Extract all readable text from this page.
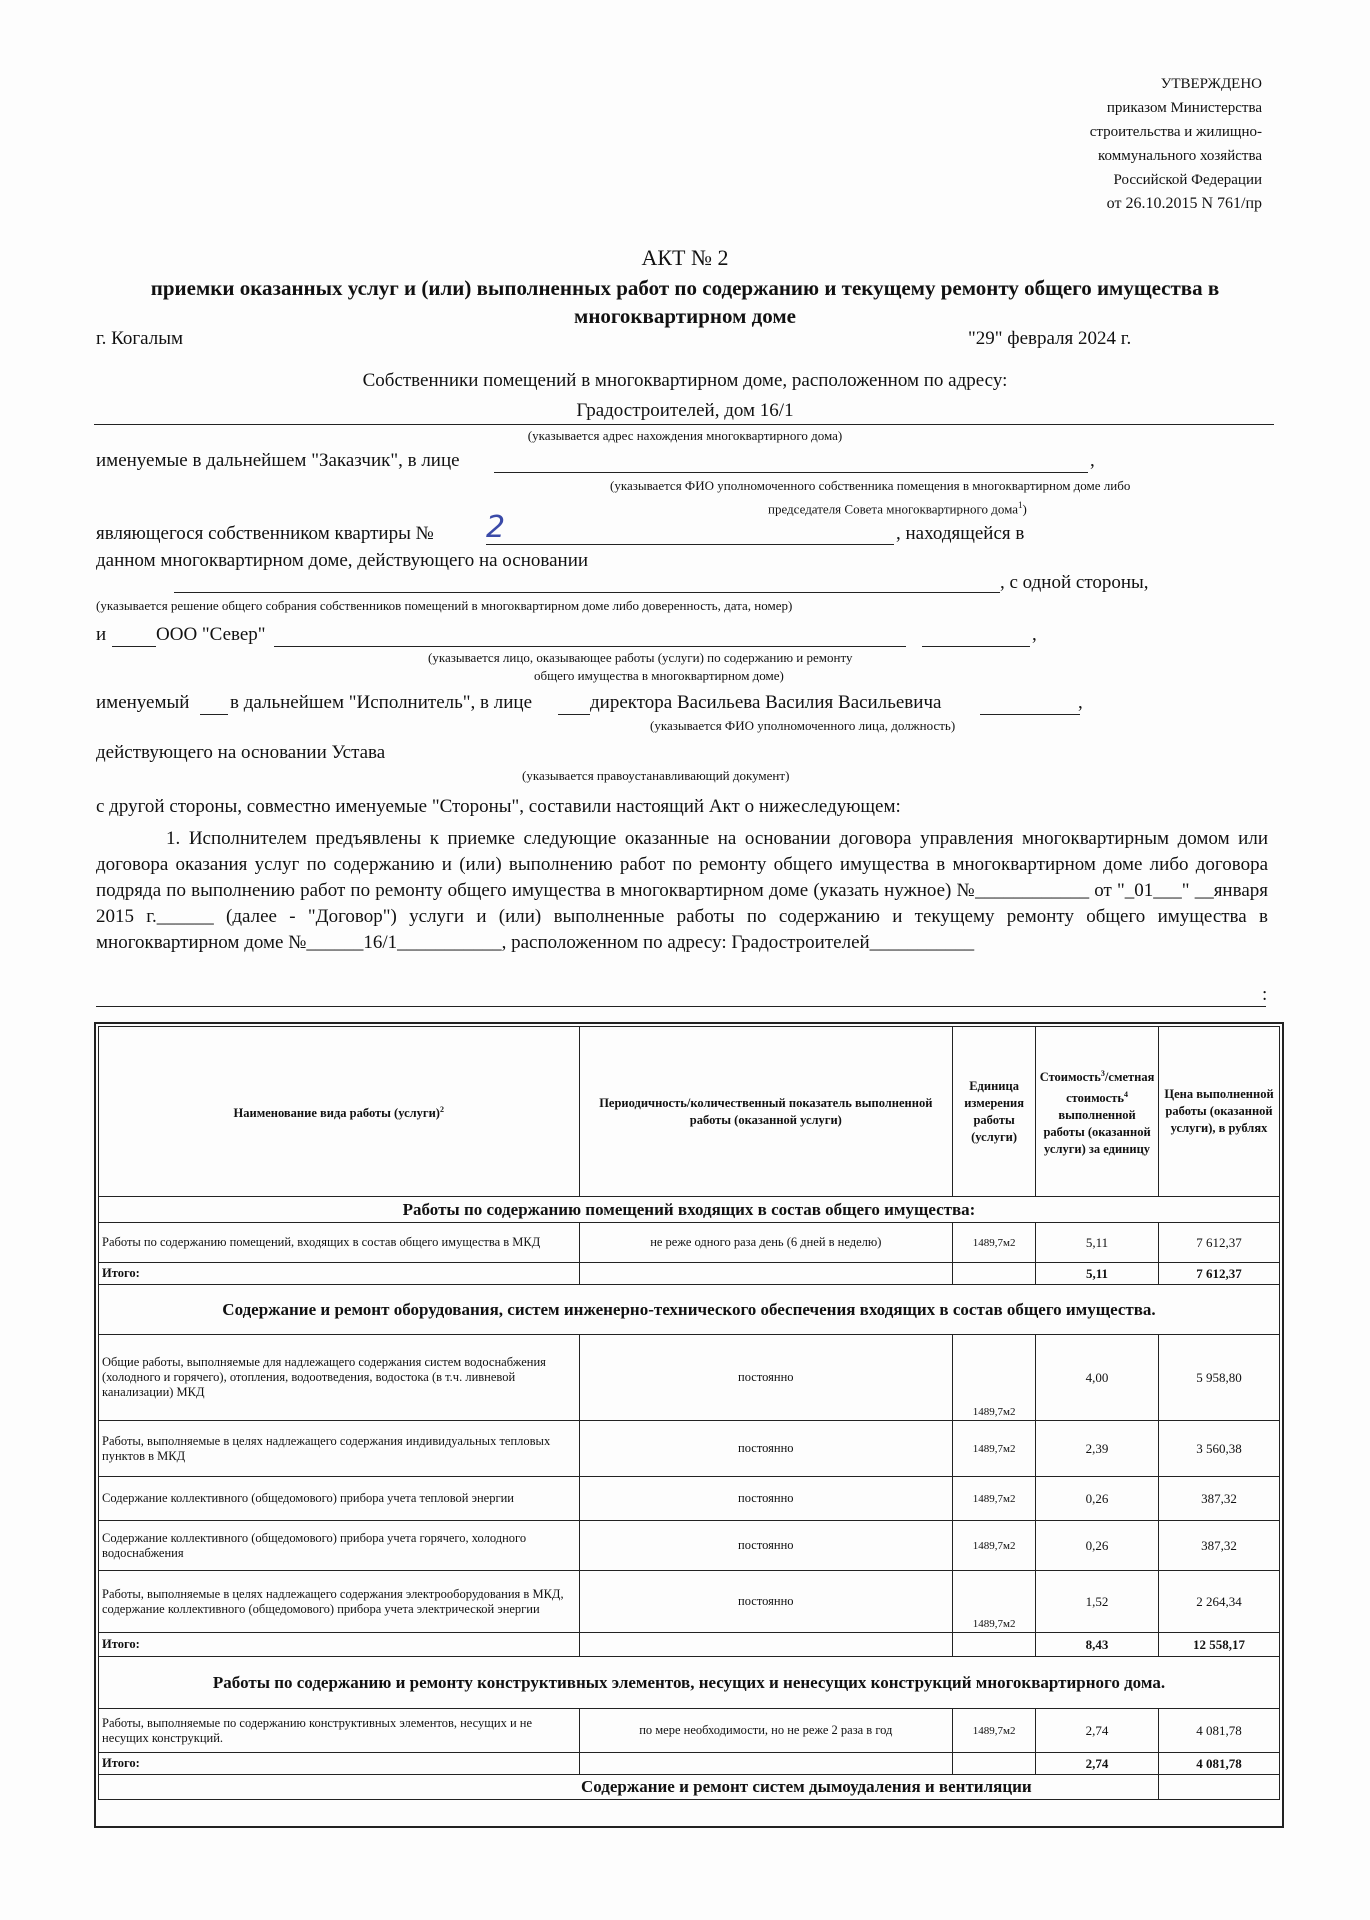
УТВЕРЖДЕНО
приказом Министерства
строительства и жилищно-
коммунального хозяйства
Российской Федерации
от 26.10.2015 N 761/пр
АКТ № 2
приемки оказанных услуг и (или) выполненных работ по содержанию и текущему ремонту общего имущества в многоквартирном доме
г. Когалым	"29" февраля 2024 г.
Собственники помещений в многоквартирном доме, расположенном по адресу:
Градостроителей, дом 16/1
(указывается адрес нахождения многоквартирного дома)
именуемые в дальнейшем "Заказчик", в лице	,
(указывается ФИО уполномоченного собственника помещения в многоквартирном доме либо
председателя Совета многоквартирного дома$^1$)
являющегося собственником квартиры № 2	, находящейся в
данном многоквартирном доме, действующего на основании
, с одной стороны,
(указывается решение общего собрания собственников помещений в многоквартирном доме либо доверенность, дата, номер)
и	ООО "Север"	,
(указывается лицо, оказывающее работы (услуги) по содержанию и ремонту
общего имущества в многоквартирном доме)
именуемый в дальнейшем "Исполнитель", в лице	директора Васильева Василия Васильевича	,
(указывается ФИО уполномоченного лица, должность)
действующего на основании Устава
(указывается правоустанавливающий документ)
с другой стороны, совместно именуемые "Стороны", составили настоящий Акт о нижеследующем:
1. Исполнителем предъявлены к приемке следующие оказанные на основании договора управления многоквартирным домом или договора оказания услуг по содержанию и (или) выполнению работ по ремонту общего имущества в многоквартирном доме либо договора подряда по выполнению работ по ремонту общего имущества в многоквартирном доме (указать нужное) №____________ от "_01___" __января 2015 г.______ (далее - "Договор") услуги и (или) выполненные работы по содержанию и текущему ремонту общего имущества в многоквартирном доме №______16/1___________, расположенном по адресу: Градостроителей___________
:
Наименование вида работы (услуги)$^2$	Периодичность/количественный показатель выполненной работы (оказанной услуги)	Единица измерения работы (услуги)	Стоимость$^3$/сметная стоимость$^4$ выполненной работы (оказанной услуги) за единицу	Цена выполненной работы (оказанной услуги), в рублях
Работы по содержанию помещений входящих в состав общего имущества:				
Работы по содержанию помещений, входящих в состав общего имущества в МКД	не реже одного раза день (6 дней в неделю)	1489,7м2	5,11	7 612,37
Итого:			5,11	7 612,37
Содержание и ремонт оборудования, систем инженерно-технического обеспечения входящих в состав общего имущества.				
Общие работы, выполняемые для надлежащего содержания систем водоснабжения (холодного и горячего), отопления, водоотведения, водостока (в т.ч. ливневой канализации) МКД	постоянно	1489,7м2	4,00	5 958,80
Работы, выполняемые в целях надлежащего содержания индивидуальных тепловых пунктов в МКД	постоянно	1489,7м2	2,39	3 560,38
Содержание коллективного (общедомового) прибора учета тепловой энергии	постоянно	1489,7м2	0,26	387,32
Содержание коллективного (общедомового) прибора учета горячего, холодного водоснабжения	постоянно	1489,7м2	0,26	387,32
Работы, выполняемые в целях надлежащего содержания электрооборудования в МКД, содержание коллективного (общедомового) прибора учета электрической энергии	постоянно	1489,7м2	1,52	2 264,34
Итого:			8,43	12 558,17
Работы по содержанию и ремонту конструктивных элементов, несущих и ненесущих конструкций многоквартирного дома.				
Работы, выполняемые по содержанию конструктивных элементов, несущих и не несущих конструкций.	по мере необходимости, но не реже 2 раза в год	1489,7м2	2,74	4 081,78
Итого:			2,74	4 081,78
	Содержание и ремонт систем дымоудаления и вентиляции			
